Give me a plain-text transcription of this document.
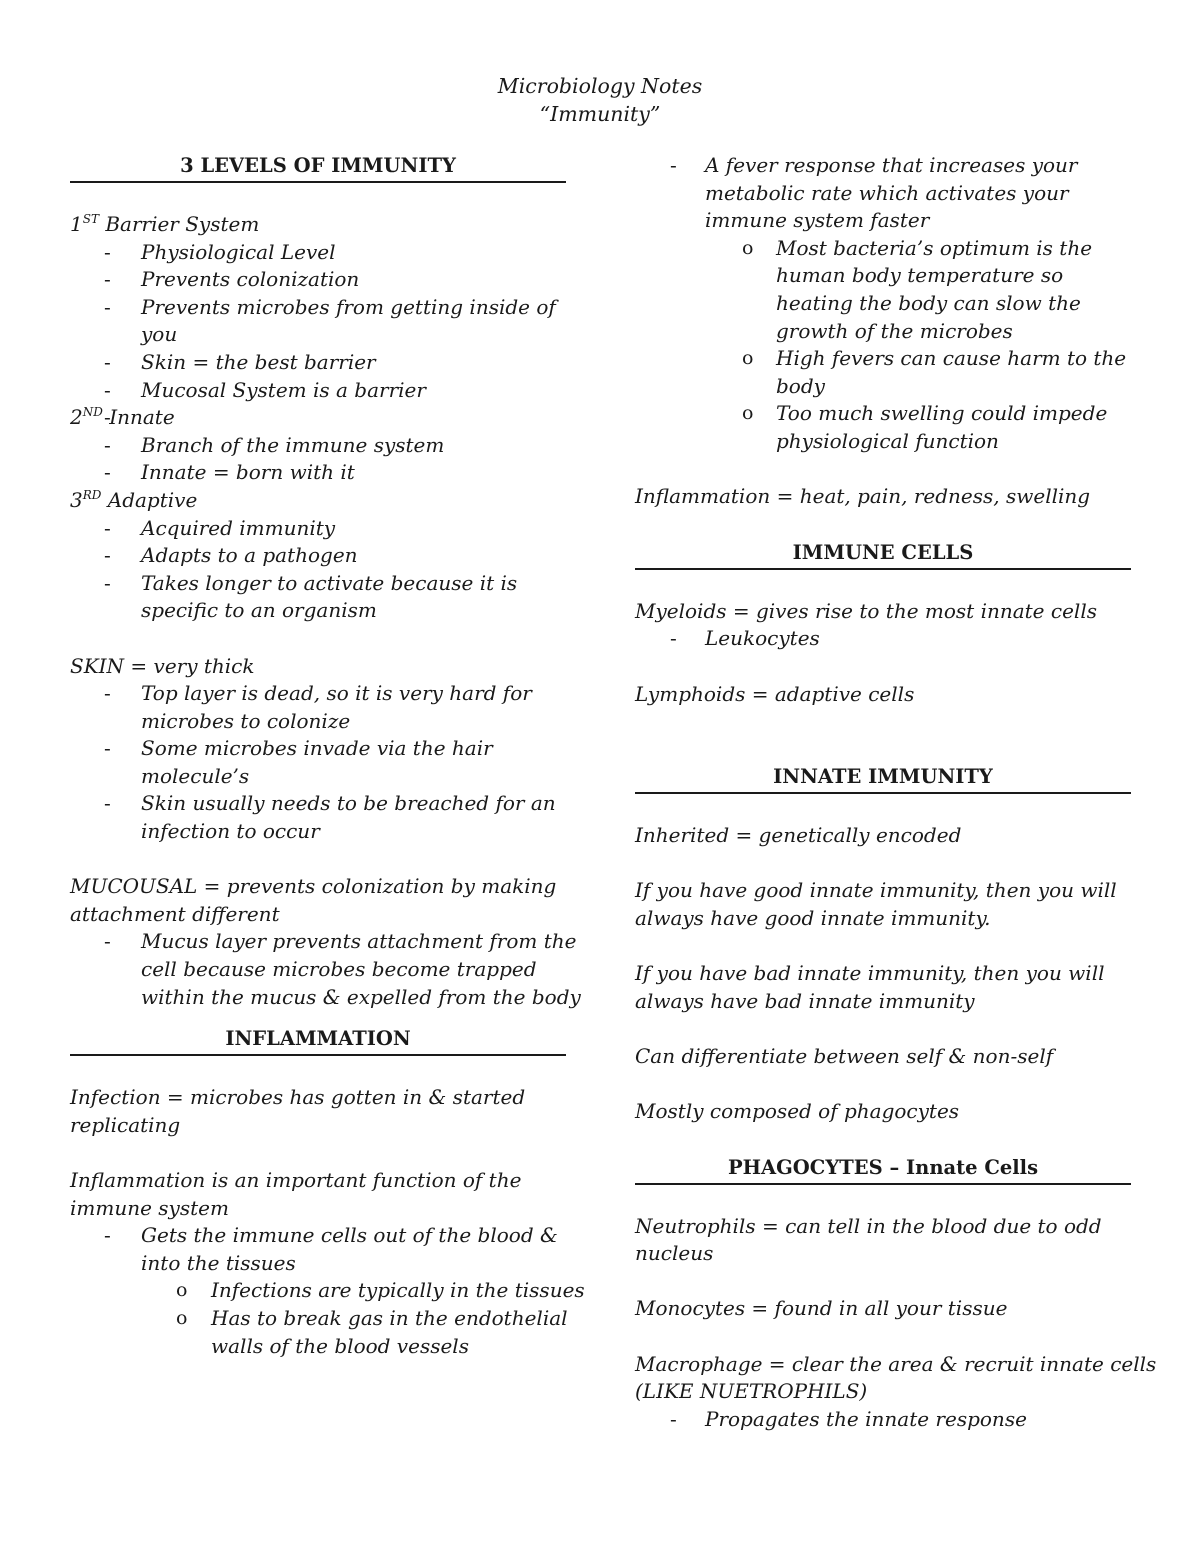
Microbiology Notes
“Immunity”
3 LEVELS OF IMMUNITY
1ST Barrier System
- Physiological Level
- Prevents colonization
- Prevents microbes from getting inside of
you
- Skin = the best barrier
- Mucosal System is a barrier
2ND Innate
- Branch of the immune system
- Innate = born with it
3RD Adaptive
- Acquired immunity
- Adapts to a pathogen
- Takes longer to activate because it is
specific to an organism
SKIN = very thick
- Top layer is dead, so it is very hard for
microbes to colonize
- Some microbes invade via the hair
molecule’s
- Skin usually needs to be breached for an
infection to occur
MUCOUSAL = prevents colonization by making
attachment different
- Mucus layer prevents attachment from the
cell because microbes become trapped
within the mucus & expelled from the body
INFLAMMATION
Infection = microbes has gotten in & started
replicating
Inflammation is an important function of the
immune system
- Gets the immune cells out of the blood &
into the tissues
o Infections are typically in the tissues
o Has to break gas in the endothelial
walls of the blood vessels
- A fever response that increases your
metabolic rate which activates your
immune system faster
o Most bacteria’s optimum is the
human body temperature so
heating the body can slow the
growth of the microbes
o High fevers can cause harm to the
body
o Too much swelling could impede
physiological function
Inflammation = heat, pain, redness, swelling
IMMUNE CELLS
Myeloids = gives rise to the most innate cells
- Leukocytes
Lymphoids = adaptive cells
INNATE IMMUNITY
Inherited = genetically encoded
If you have good innate immunity, then you will
always have good innate immunity.
If you have bad innate immunity, then you will
always have bad innate immunity
Can differentiate between self & non-self
Mostly composed of phagocytes
PHAGOCYTES – Innate Cells
Neutrophils = can tell in the blood due to odd
nucleus
Monocytes = found in all your tissue
Macrophage = clear the area & recruit innate cells
(LIKE NUETROPHILS)
- Propagates the innate response
